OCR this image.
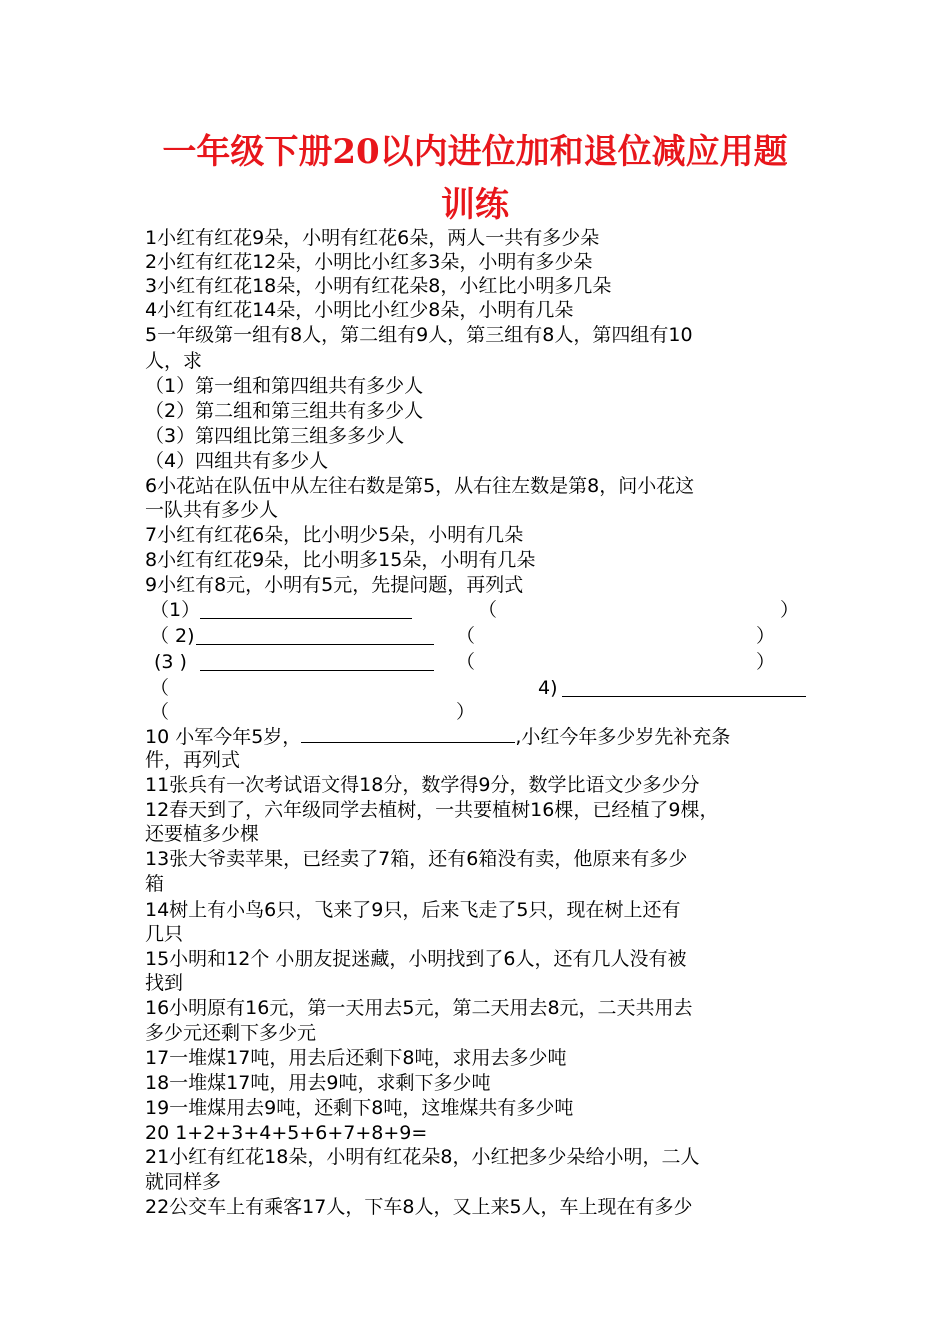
一年级下册20以内进位加和退位减应用题
训练
1小红有红花9朵，小明有红花6朵，两人一共有多少朵
2小红有红花12朵，小明比小红多3朵，小明有多少朵
3小红有红花18朵，小明有红花朵8，小红比小明多几朵
4小红有红花14朵，小明比小红少8朵，小明有几朵
5一年级第一组有8人，第二组有9人，第三组有8人，第四组有10
人，求
（1）第一组和第四组共有多少人
（2）第二组和第三组共有多少人
（3）第四组比第三组多多少人
（4）四组共有多少人
6小花站在队伍中从左往右数是第5，从右往左数是第8，问小花这
一队共有多少人
7小红有红花6朵，比小明少5朵，小明有几朵
8小红有红花9朵，比小明多15朵，小明有几朵
9小红有8元，小明有5元，先提问题，再列式
（1）	（	）
（ 2)	（	）
(3 )	（	）
（	4)
（	）
10 小军今年5岁，	,小红今年多少岁先补充条
件，再列式
11张兵有一次考试语文得18分，数学得9分，数学比语文少多少分
12春天到了，六年级同学去植树，一共要植树16棵，已经植了9棵，
还要植多少棵
13张大爷卖苹果，已经卖了7箱，还有6箱没有卖，他原来有多少
箱
14树上有小鸟6只，飞来了9只，后来飞走了5只，现在树上还有
几只
15小明和12个 小朋友捉迷藏，小明找到了6人，还有几人没有被
找到
16小明原有16元，第一天用去5元，第二天用去8元，二天共用去
多少元还剩下多少元
17一堆煤17吨，用去后还剩下8吨，求用去多少吨
18一堆煤17吨，用去9吨，求剩下多少吨
19一堆煤用去9吨，还剩下8吨，这堆煤共有多少吨
20 1+2+3+4+5+6+7+8+9=
21小红有红花18朵，小明有红花朵8，小红把多少朵给小明，二人
就同样多
22公交车上有乘客17人，下车8人，又上来5人，车上现在有多少
